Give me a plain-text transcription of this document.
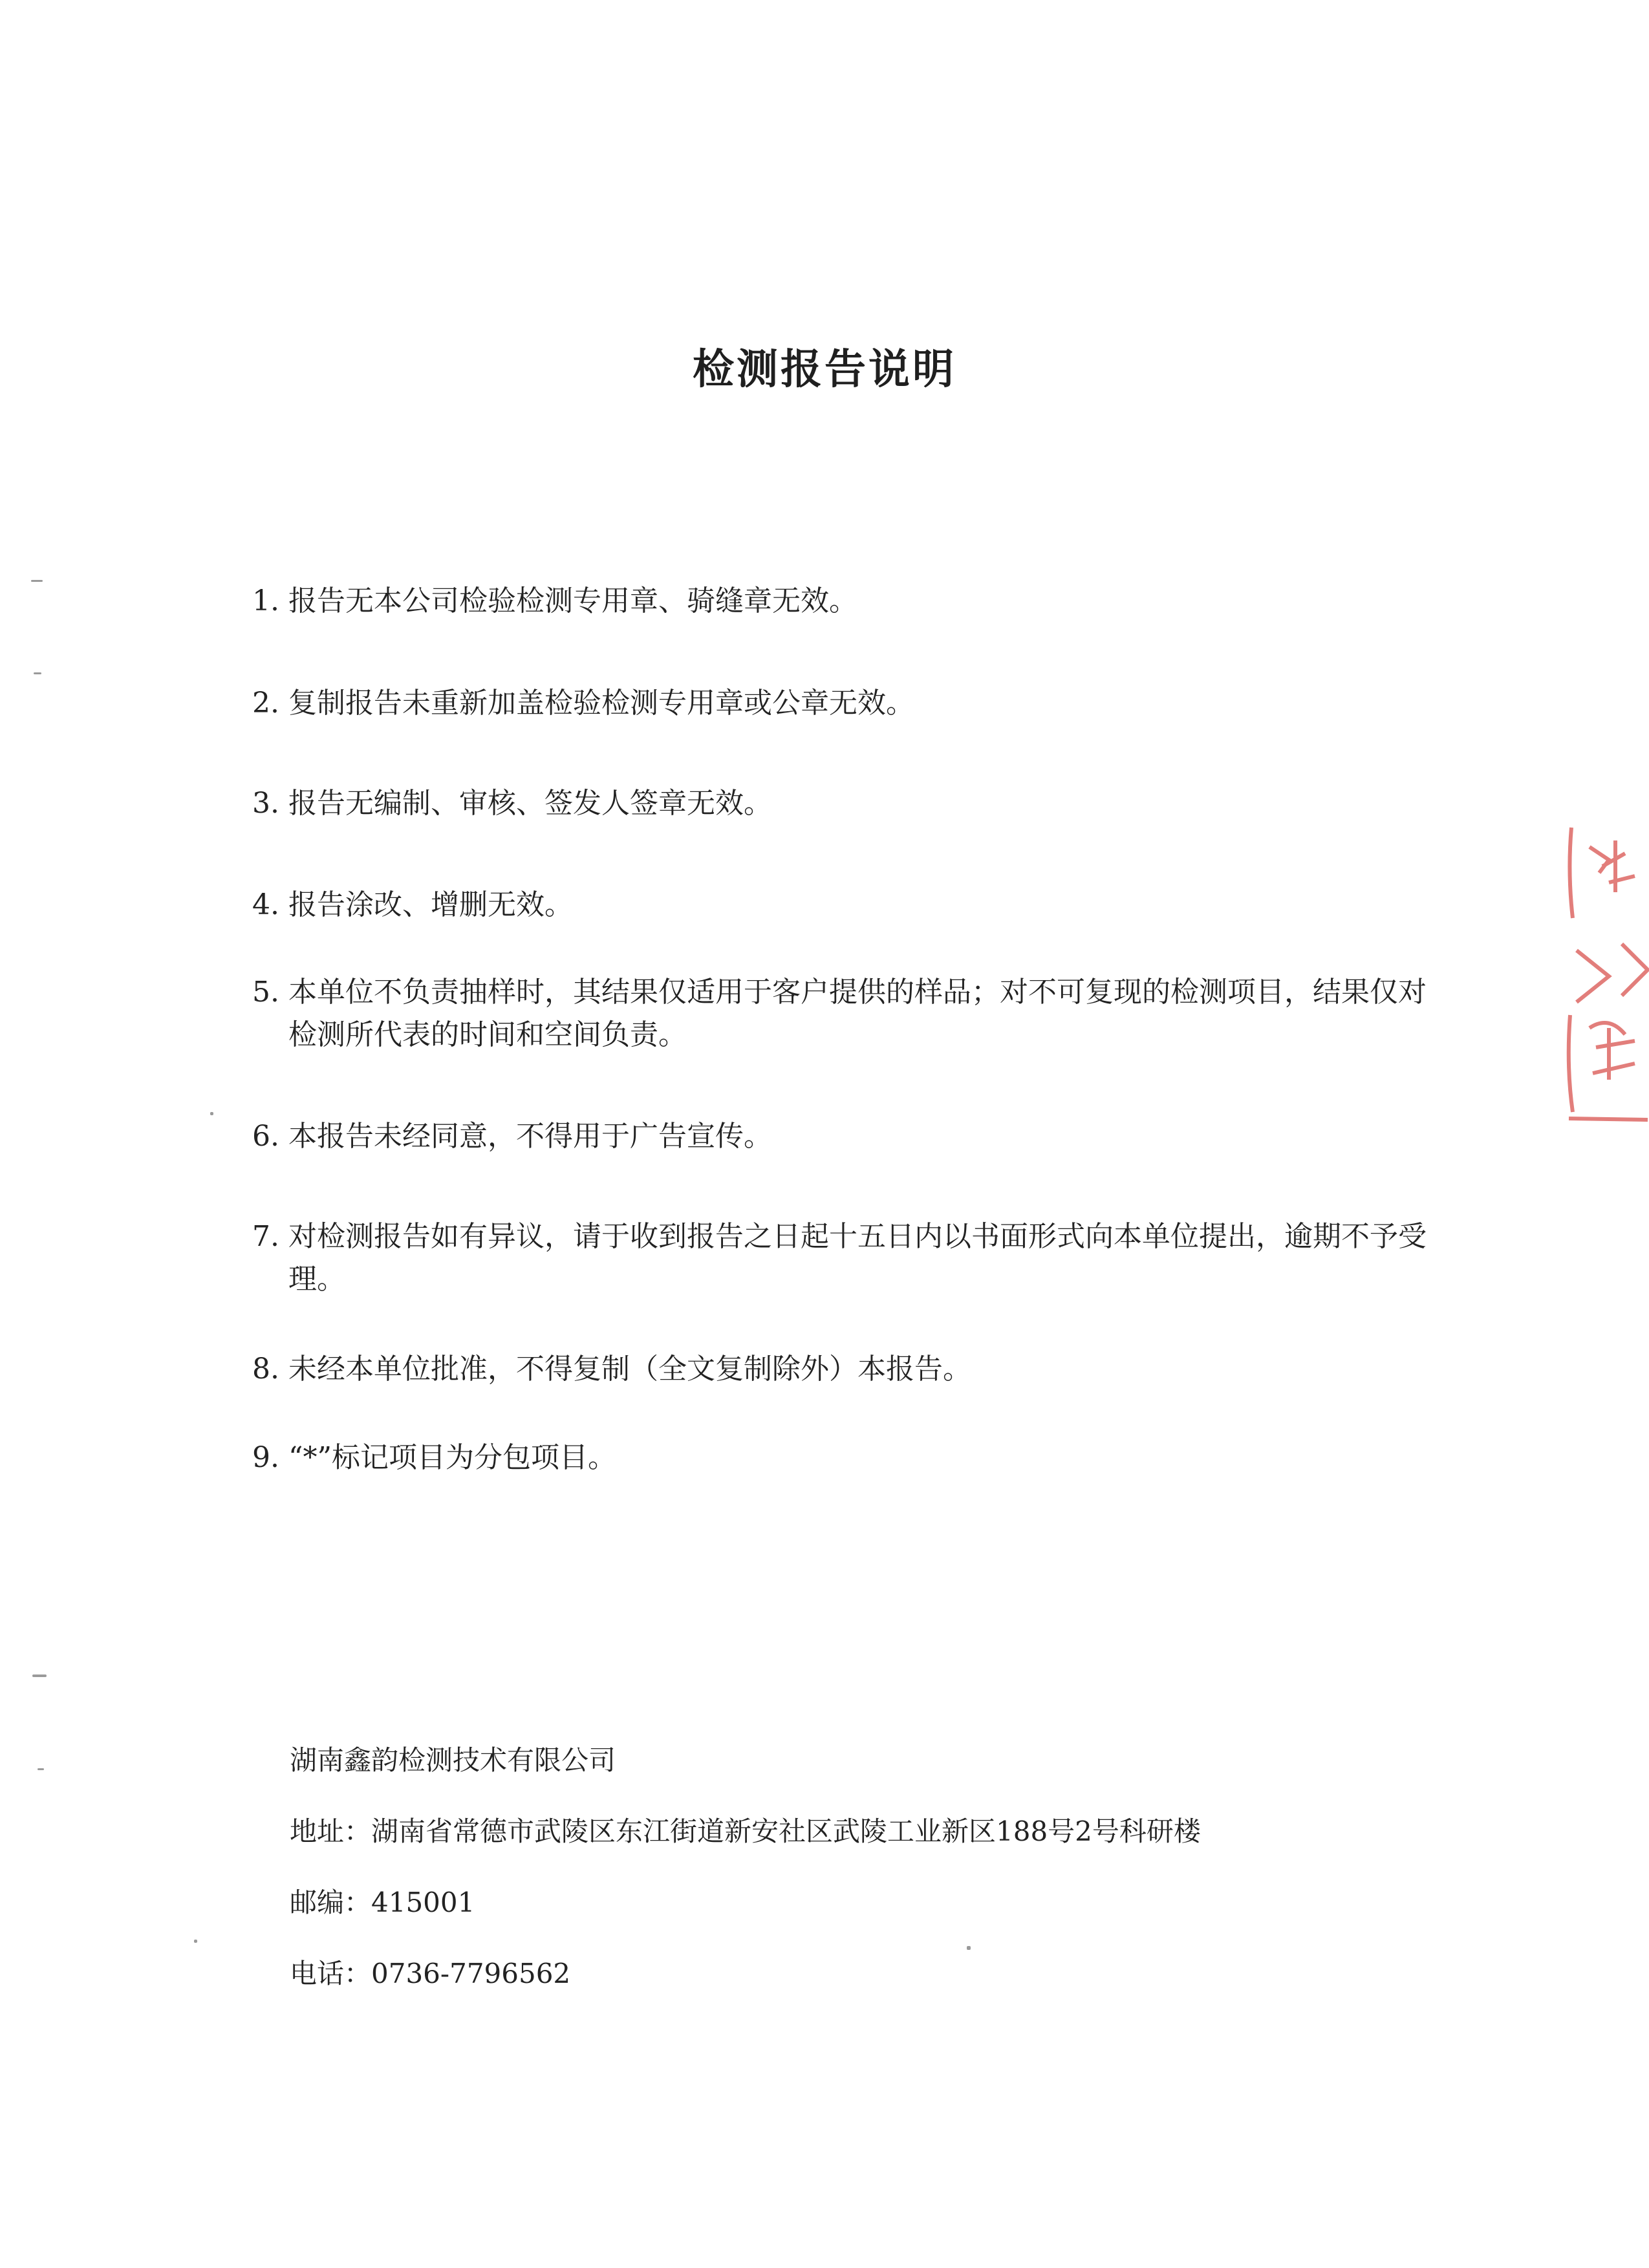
检测报告说明
1. 报告无本公司检验检测专用章、骑缝章无效。
2. 复制报告未重新加盖检验检测专用章或公章无效。
3. 报告无编制、审核、签发人签章无效。
4. 报告涂改、增删无效。
5. 本单位不负责抽样时，其结果仅适用于客户提供的样品；对不可复现的检测项目，结果仅对检测所代表的时间和空间负责。
6. 本报告未经同意，不得用于广告宣传。
7. 对检测报告如有异议，请于收到报告之日起十五日内以书面形式向本单位提出，逾期不予受理。
8. 未经本单位批准，不得复制（全文复制除外）本报告。
9. “*”标记项目为分包项目。
湖南鑫韵检测技术有限公司
地址：湖南省常德市武陵区东江街道新安社区武陵工业新区188号2号科研楼
邮编：415001
电话：0736-7796562
